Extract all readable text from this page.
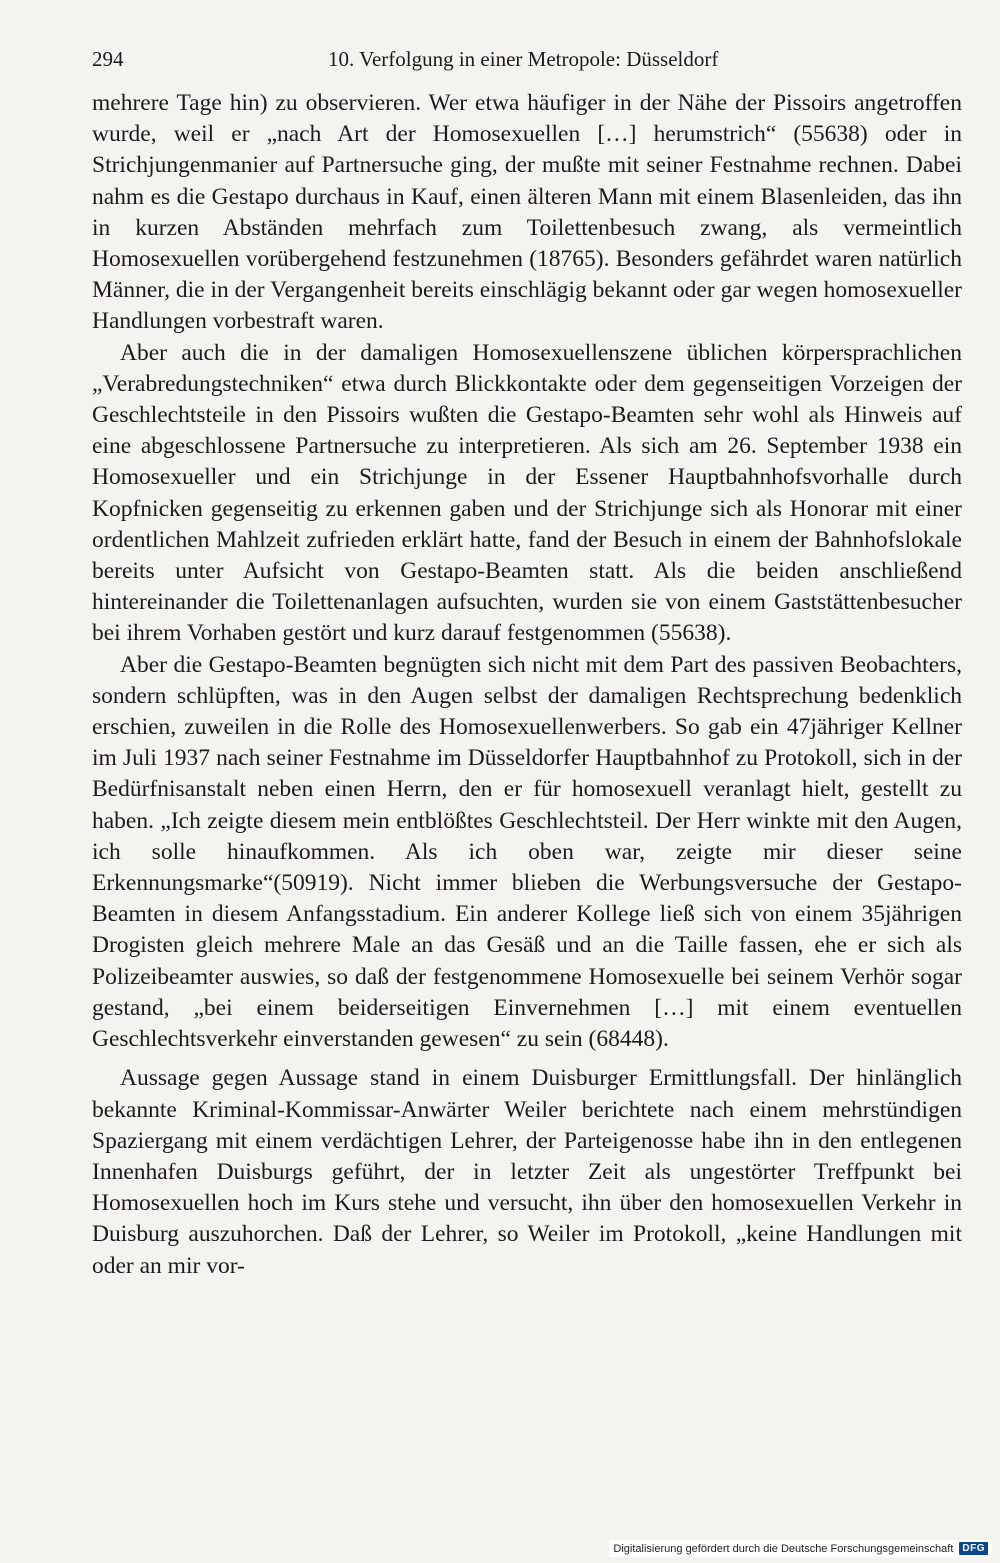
294	10. Verfolgung in einer Metropole: Düsseldorf

mehrere Tage hin) zu observieren. Wer etwa häufiger in der Nähe der Pissoirs angetroffen wurde, weil er „nach Art der Homosexuellen […] herumstrich“ (55638) oder in Strichjungenmanier auf Partnersuche ging, der mußte mit seiner Festnahme rechnen. Dabei nahm es die Gestapo durchaus in Kauf, einen älteren Mann mit einem Blasenleiden, das ihn in kurzen Abständen mehrfach zum Toilettenbesuch zwang, als vermeintlich Homosexuellen vorübergehend festzunehmen (18765). Besonders gefährdet waren natürlich Männer, die in der Vergangenheit bereits einschlägig bekannt oder gar wegen homosexueller Handlungen vorbestraft waren.

Aber auch die in der damaligen Homosexuellenszene üblichen körpersprachlichen „Verabredungstechniken“ etwa durch Blickkontakte oder dem gegenseitigen Vorzeigen der Geschlechtsteile in den Pissoirs wußten die Gestapo-Beamten sehr wohl als Hinweis auf eine abgeschlossene Partnersuche zu interpretieren. Als sich am 26. September 1938 ein Homosexueller und ein Strichjunge in der Essener Hauptbahnhofsvorhalle durch Kopfnicken gegenseitig zu erkennen gaben und der Strichjunge sich als Honorar mit einer ordentlichen Mahlzeit zufrieden erklärt hatte, fand der Besuch in einem der Bahnhofslokale bereits unter Aufsicht von Gestapo-Beamten statt. Als die beiden anschließend hintereinander die Toilettenanlagen aufsuchten, wurden sie von einem Gaststättenbesucher bei ihrem Vorhaben gestört und kurz darauf festgenommen (55638).

Aber die Gestapo-Beamten begnügten sich nicht mit dem Part des passiven Beobachters, sondern schlüpften, was in den Augen selbst der damaligen Rechtsprechung bedenklich erschien, zuweilen in die Rolle des Homosexuellenwerbers. So gab ein 47jähriger Kellner im Juli 1937 nach seiner Festnahme im Düsseldorfer Hauptbahnhof zu Protokoll, sich in der Bedürfnisanstalt neben einen Herrn, den er für homosexuell veranlagt hielt, gestellt zu haben. „Ich zeigte diesem mein entblößtes Geschlechtsteil. Der Herr winkte mit den Augen, ich solle hinaufkommen. Als ich oben war, zeigte mir dieser seine Erkennungsmarke“(50919). Nicht immer blieben die Werbungsversuche der Gestapo-Beamten in diesem Anfangsstadium. Ein anderer Kollege ließ sich von einem 35jährigen Drogisten gleich mehrere Male an das Gesäß und an die Taille fassen, ehe er sich als Polizeibeamter auswies, so daß der festgenommene Homosexuelle bei seinem Verhör sogar gestand, „bei einem beiderseitigen Einvernehmen […] mit einem eventuellen Geschlechtsverkehr einverstanden gewesen“ zu sein (68448).

Aussage gegen Aussage stand in einem Duisburger Ermittlungsfall. Der hinlänglich bekannte Kriminal-Kommissar-Anwärter Weiler berichtete nach einem mehrstündigen Spaziergang mit einem verdächtigen Lehrer, der Parteigenosse habe ihn in den entlegenen Innenhafen Duisburgs geführt, der in letzter Zeit als ungestörter Treffpunkt bei Homosexuellen hoch im Kurs stehe und versucht, ihn über den homosexuellen Verkehr in Duisburg auszuhorchen. Daß der Lehrer, so Weiler im Protokoll, „keine Handlungen mit oder an mir vor-

Digitalisierung gefördert durch die Deutsche Forschungsgemeinschaft DFG
